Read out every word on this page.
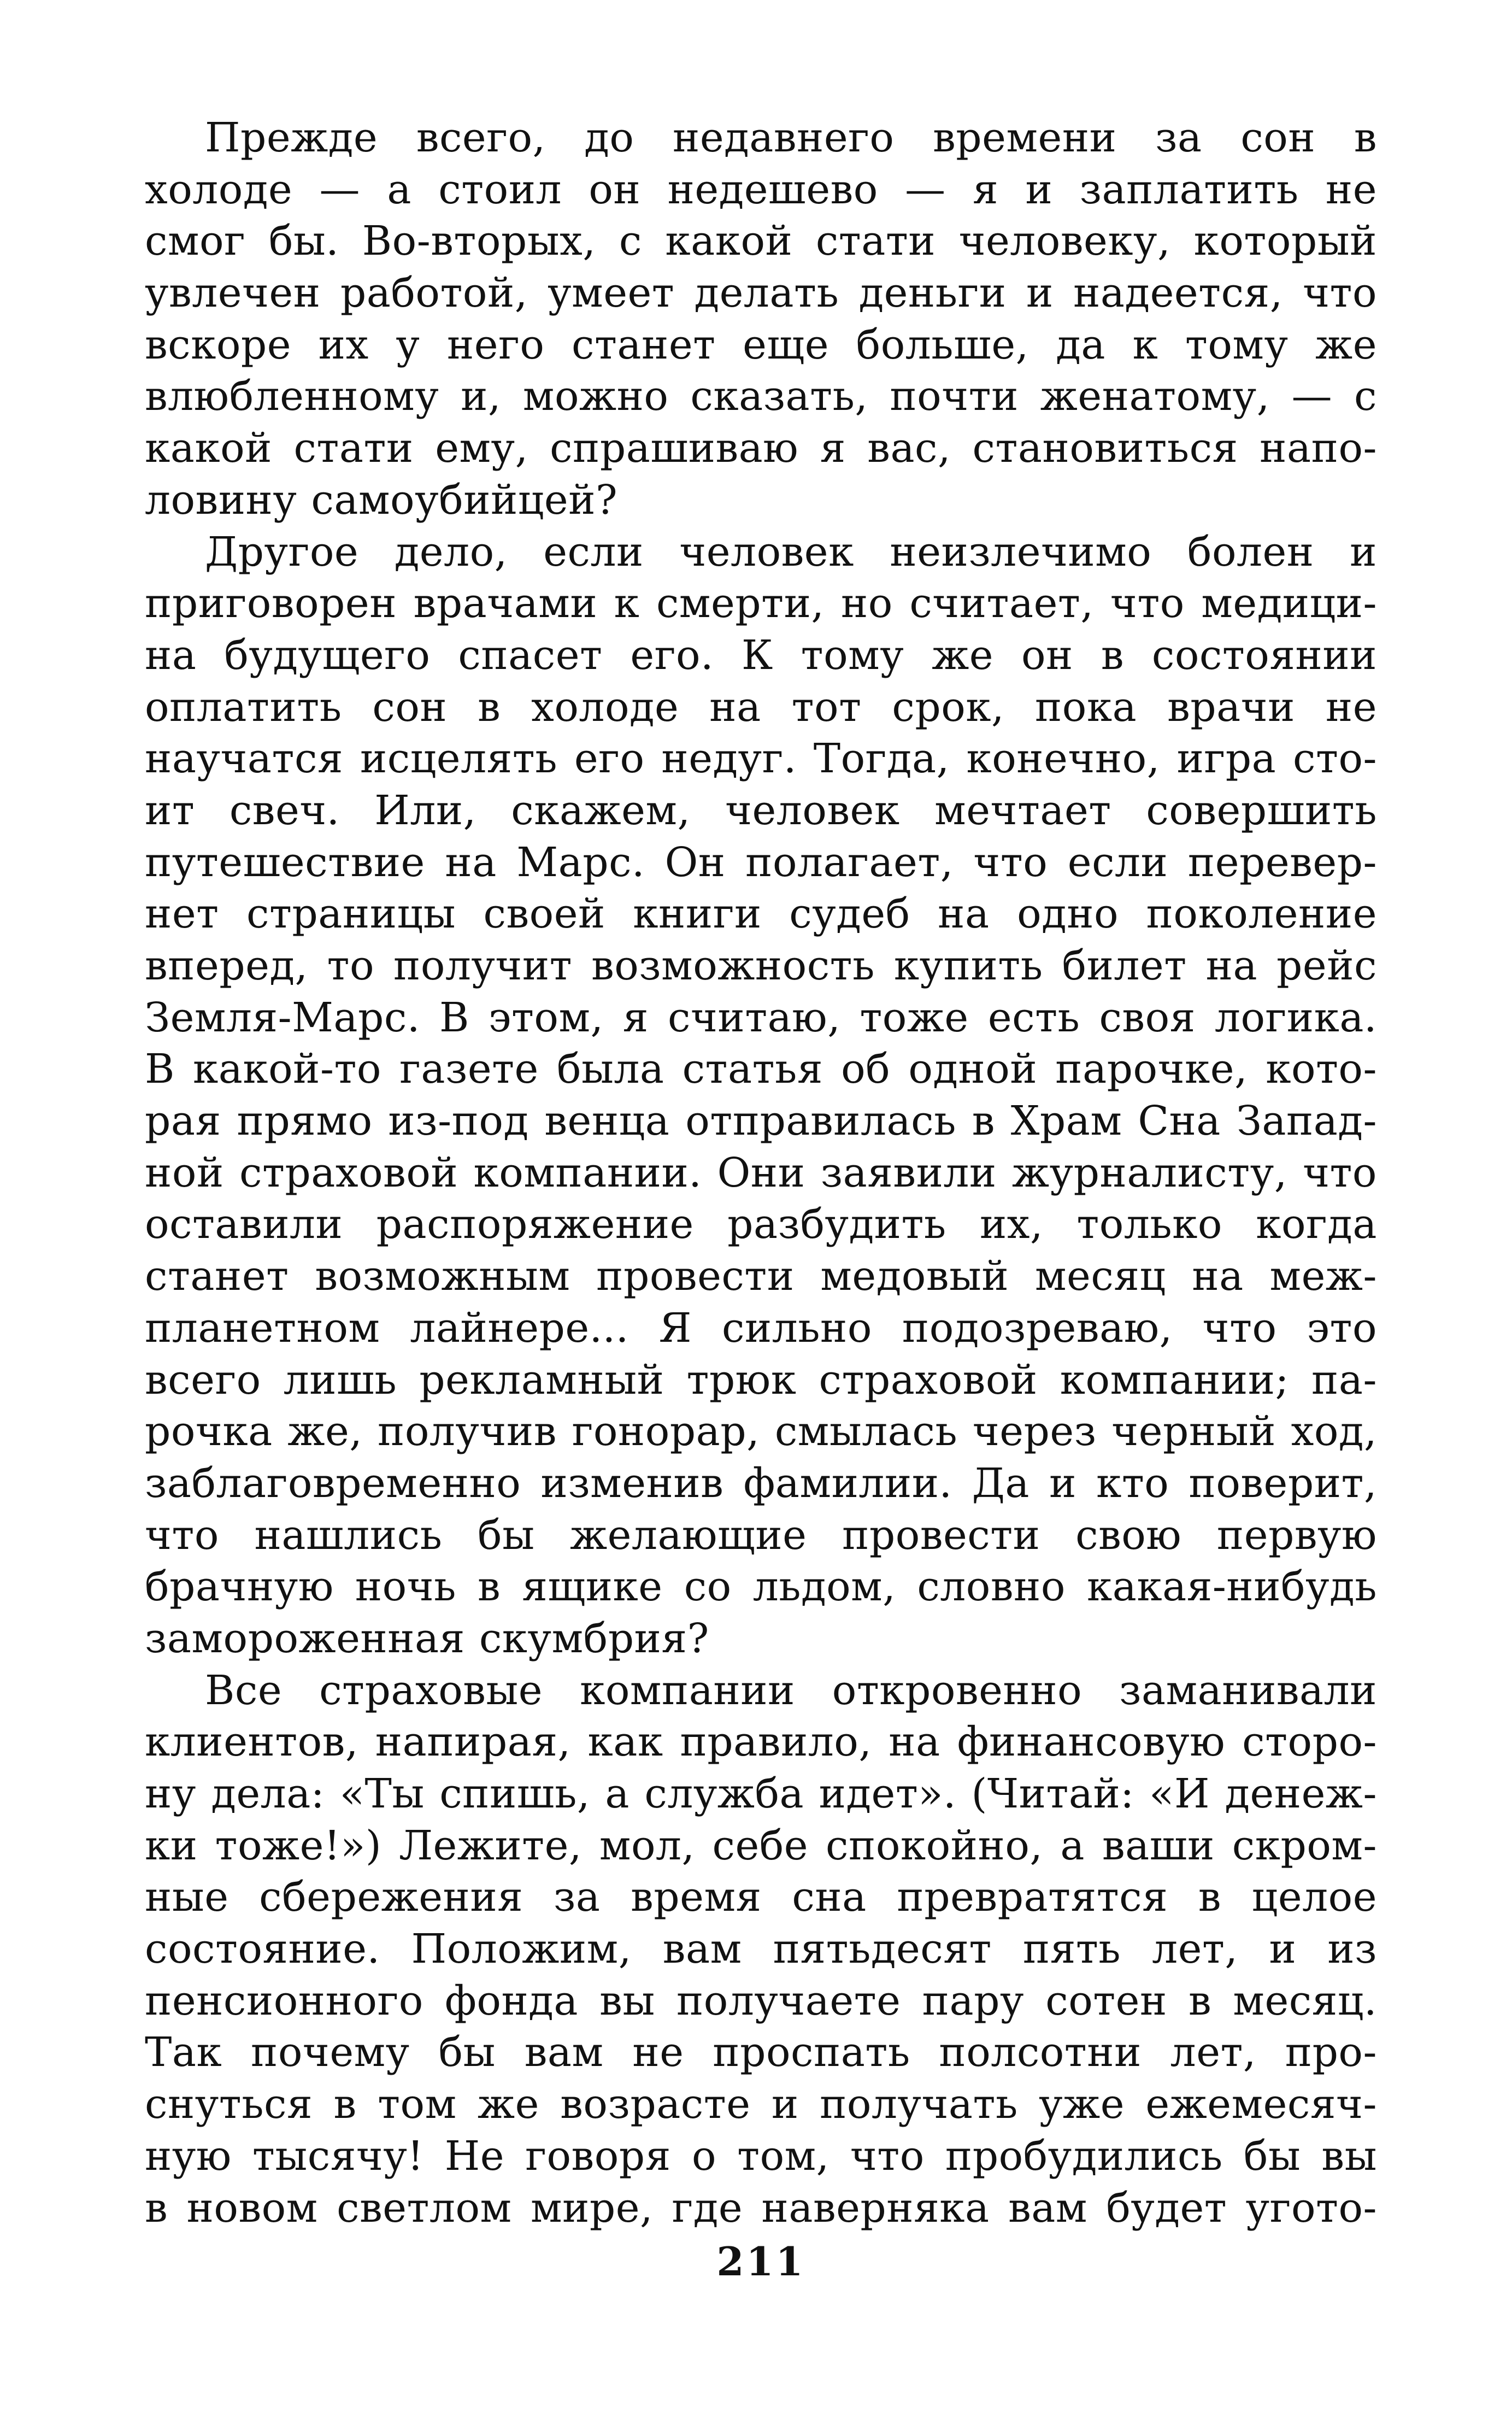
Прежде всего, до недавнего времени за сон в
холоде — а стоил он недешево — я и заплатить не
смог бы. Во-вторых, с какой стати человеку, который
увлечен работой, умеет делать деньги и надеется, что
вскоре их у него станет еще больше, да к тому же
влюбленному и, можно сказать, почти женатому, — с
какой стати ему, спрашиваю я вас, становиться напо-
ловину самоубийцей?
Другое дело, если человек неизлечимо болен и
приговорен врачами к смерти, но считает, что медици-
на будущего спасет его. К тому же он в состоянии
оплатить сон в холоде на тот срок, пока врачи не
научатся исцелять его недуг. Тогда, конечно, игра сто-
ит свеч. Или, скажем, человек мечтает совершить
путешествие на Марс. Он полагает, что если перевер-
нет страницы своей книги судеб на одно поколение
вперед, то получит возможность купить билет на рейс
Земля-Марс. В этом, я считаю, тоже есть своя логика.
В какой-то газете была статья об одной парочке, кото-
рая прямо из-под венца отправилась в Храм Сна Запад-
ной страховой компании. Они заявили журналисту, что
оставили распоряжение разбудить их, только когда
станет возможным провести медовый месяц на меж-
планетном лайнере... Я сильно подозреваю, что это
всего лишь рекламный трюк страховой компании; па-
рочка же, получив гонорар, смылась через черный ход,
заблаговременно изменив фамилии. Да и кто поверит,
что нашлись бы желающие провести свою первую
брачную ночь в ящике со льдом, словно какая-нибудь
замороженная скумбрия?
Все страховые компании откровенно заманивали
клиентов, напирая, как правило, на финансовую сторо-
ну дела: «Ты спишь, а служба идет». (Читай: «И денеж-
ки тоже!») Лежите, мол, себе спокойно, а ваши скром-
ные сбережения за время сна превратятся в целое
состояние. Положим, вам пятьдесят пять лет, и из
пенсионного фонда вы получаете пару сотен в месяц.
Так почему бы вам не проспать полсотни лет, про-
снуться в том же возрасте и получать уже ежемесяч-
ную тысячу! Не говоря о том, что пробудились бы вы
в новом светлом мире, где наверняка вам будет угото-
211
